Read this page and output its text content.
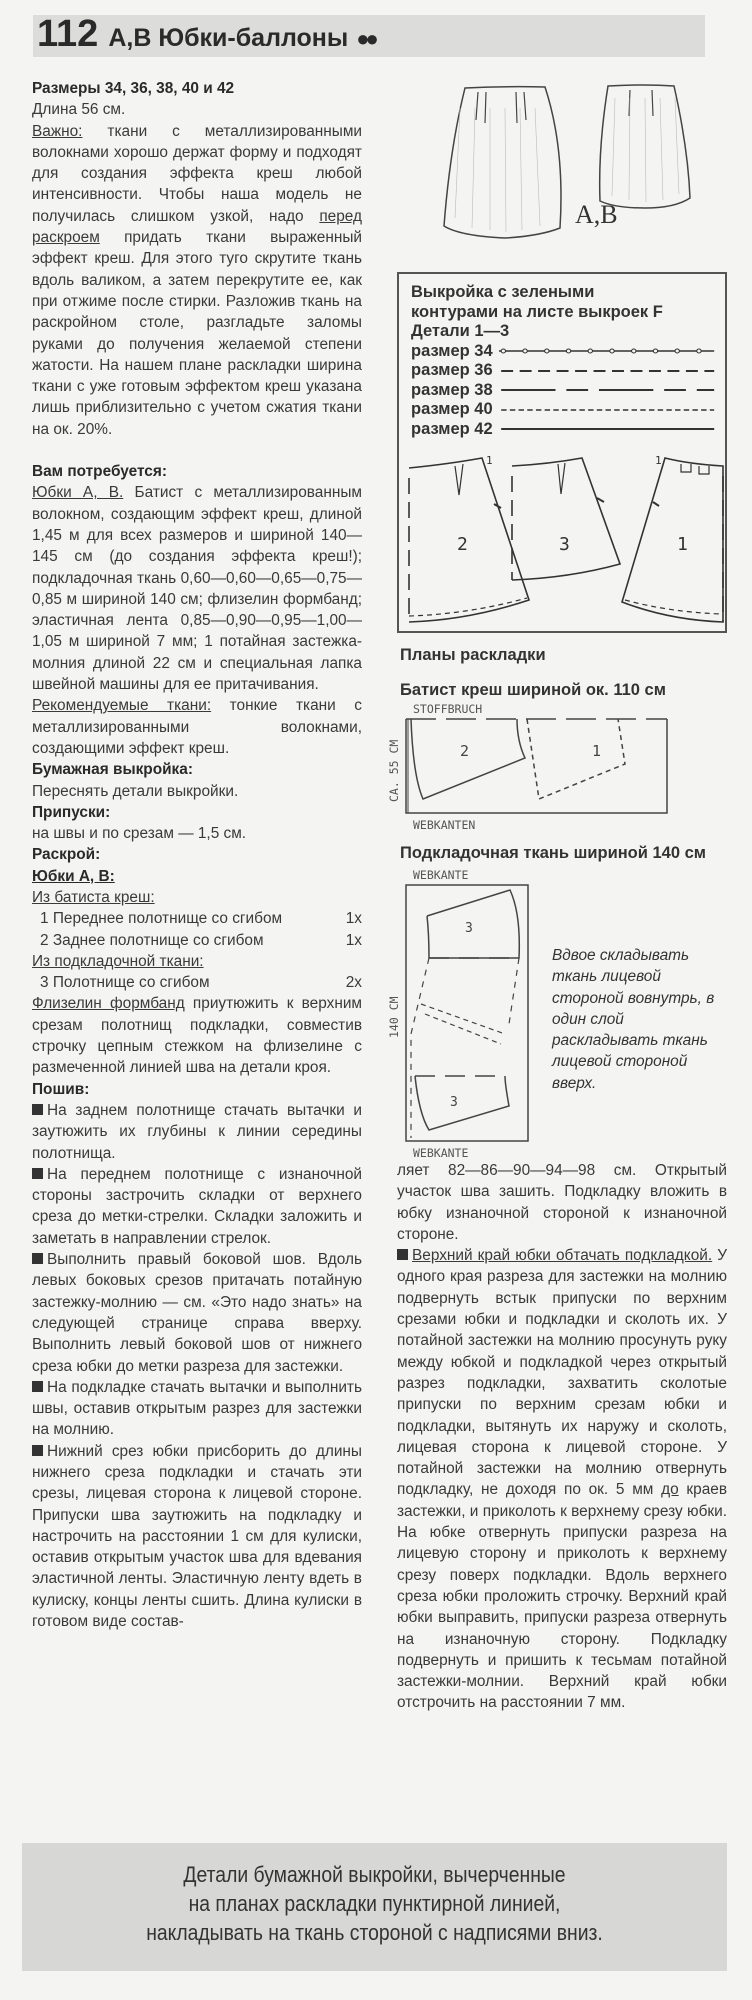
112 А,В Юбки-баллоны ●●
A,B
Выкройка с зелеными
контурами на листе выкроек F
Детали 1—3
размер 34
размер 36
размер 38
размер 40
размер 42
2	3	1
1	1
Планы раскладки
Батист креш шириной ок. 110 см
STOFFBRUCH
WEBKANTEN
CA. 55 CM	2	1
Подкладочная ткань шириной 140 см
WEBKANTE
WEBKANTE
140 CM
3
3
Вдвое складывать ткань лицевой стороной вовнутрь, в один слой раскладывать ткань лицевой стороной вверх.

Размеры 34, 36, 38, 40 и 42

Длина 56 см.

Важно: ткани с металлизированными волокнами хорошо держат форму и подходят для создания эффекта креш любой интенсивности. Чтобы наша модель не получилась слишком узкой, надо перед раскроем придать ткани выраженный эффект креш. Для этого туго скрутите ткань вдоль валиком, а затем перекрутите ее, как при отжиме после стирки. Разложив ткань на раскройном столе, разгладьте заломы руками до получения желаемой степени жатости. На нашем плане раскладки ширина ткани с уже готовым эффектом креш указана лишь приблизительно с учетом сжатия ткани на ок. 20%.

Вам потребуется:

Юбки А, В. Батист с металлизированным волокном, создающим эффект креш, длиной 1,45 м для всех размеров и шириной 140—145 см (до создания эффекта креш!); подкладочная ткань 0,60—0,60—0,65—0,75—0,85 м шириной 140 см; флизелин формбанд; эластичная лента 0,85—0,90—0,95—1,00—1,05 м шириной 7 мм; 1 потайная застежка-молния длиной 22 см и специальная лапка швейной машины для ее притачивания.

Рекомендуемые ткани: тонкие ткани с металлизированными волокнами, создающими эффект креш.

Бумажная выкройка:

Переснять детали выкройки.

Припуски:

на швы и по срезам — 1,5 см.

Раскрой:

Юбки А, В:

Из батиста креш:

1 Переднее полотнище со сгибом	1х
2 Заднее полотнище со сгибом	1х

Из подкладочной ткани:

3 Полотнище со сгибом	2х

Флизелин формбанд приутюжить к верхним срезам полотнищ подкладки, совместив строчку цепным стежком на флизелине с размеченной линией шва на детали кроя.

Пошив:

На заднем полотнище стачать вытачки и заутюжить их глубины к линии середины полотнища.

На переднем полотнище с изнаночной стороны застрочить складки от верхнего среза до метки-стрелки. Складки заложить и заметать в направлении стрелок.

Выполнить правый боковой шов. Вдоль левых боковых срезов притачать потайную застежку-молнию — см. «Это надо знать» на следующей странице справа вверху. Выполнить левый боковой шов от нижнего среза юбки до метки разреза для застежки.

На подкладке стачать вытачки и выполнить швы, оставив открытым разрез для застежки на молнию.

Нижний срез юбки присборить до длины нижнего среза подкладки и стачать эти срезы, лицевая сторона к лицевой стороне. Припуски шва заутюжить на подкладку и настрочить на расстоянии 1 см для кулиски, оставив открытым участок шва для вдевания эластичной ленты. Эластичную ленту вдеть в кулиску, концы ленты сшить. Длина кулиски в готовом виде состав-

ляет 82—86—90—94—98 см. Открытый участок шва зашить. Подкладку вложить в юбку изнаночной стороной к изнаночной стороне.

Верхний край юбки обтачать подкладкой. У одного края разреза для застежки на молнию подвернуть встык припуски по верхним срезами юбки и подкладки и сколоть их. У потайной застежки на молнию просунуть руку между юбкой и подкладкой через открытый разрез подкладки, захватить сколотые припуски по верхним срезам юбки и подкладки, вытянуть их наружу и сколоть, лицевая сторона к лицевой стороне. У потайной застежки на молнию отвернуть подкладку, не доходя по ок. 5 мм до краев застежки, и приколоть к верхнему срезу юбки. На юбке отвернуть припуски разреза на лицевую сторону и приколоть к верхнему срезу поверх подкладки. Вдоль верхнего среза юбки проложить строчку. Верхний край юбки выправить, припуски разреза отвернуть на изнаночную сторону. Подкладку подвернуть и пришить к тесьмам потайной застежки-молнии. Верхний край юбки отстрочить на расстоянии 7 мм.

Детали бумажной выкройки, вычерченные
на планах раскладки пунктирной линией,
накладывать на ткань стороной с надписями вниз.
